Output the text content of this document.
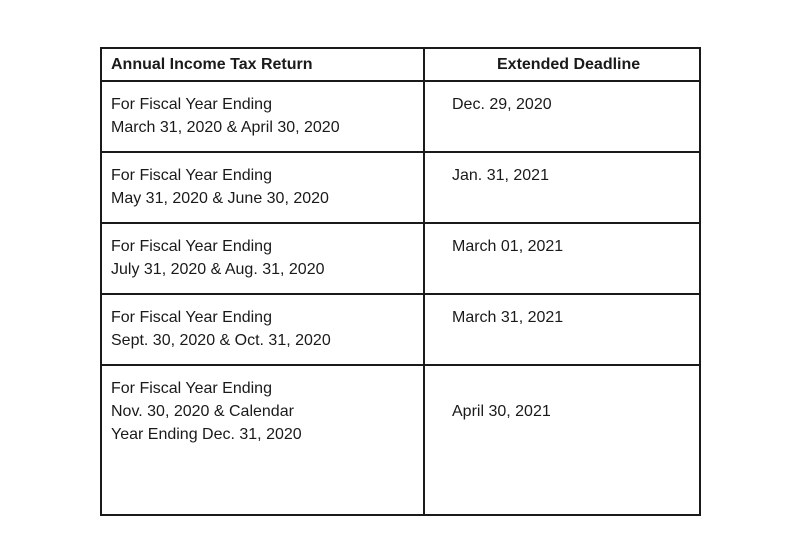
Annual Income Tax Return	Extended Deadline

For Fiscal Year Ending
March 31, 2020 & April 30, 2020	Dec. 29, 2020

For Fiscal Year Ending
May 31, 2020 & June 30, 2020	Jan. 31, 2021

For Fiscal Year Ending
July 31, 2020 & Aug. 31, 2020	March 01, 2021

For Fiscal Year Ending
Sept. 30, 2020 & Oct. 31, 2020	March 31, 2021

For Fiscal Year Ending
Nov. 30, 2020 & Calendar
Year Ending Dec. 31, 2020	April 30, 2021
